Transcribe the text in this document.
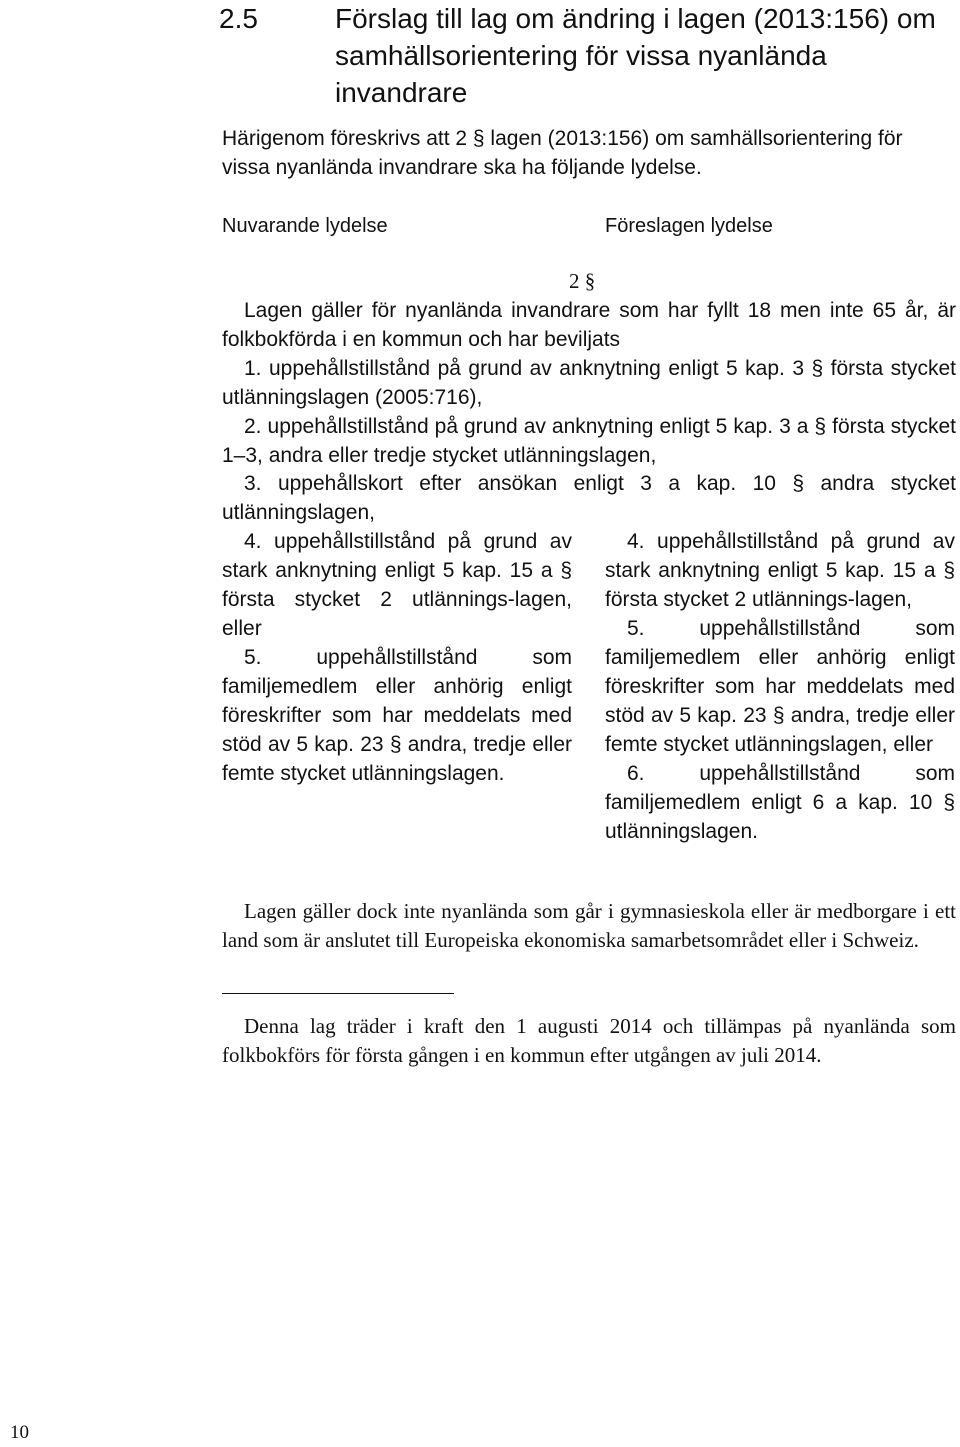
2.5	Förslag till lag om ändring i lagen (2013:156) om samhällsorientering för vissa nyanlända invandrare
Härigenom föreskrivs att 2 § lagen (2013:156) om samhällsorientering för vissa nyanlända invandrare ska ha följande lydelse.
Nuvarande lydelse	Föreslagen lydelse
2 §
Lagen gäller för nyanlända invandrare som har fyllt 18 men inte 65 år, är folkbokförda i en kommun och har beviljats
1. uppehållstillstånd på grund av anknytning enligt 5 kap. 3 § första stycket utlänningslagen (2005:716),
2. uppehållstillstånd på grund av anknytning enligt 5 kap. 3 a § första stycket 1–3, andra eller tredje stycket utlänningslagen,
3. uppehållskort efter ansökan enligt 3 a kap. 10 § andra stycket utlänningslagen,
4. uppehållstillstånd på grund av stark anknytning enligt 5 kap. 15 a § första stycket 2 utlännings-lagen, eller
5. uppehållstillstånd som familjemedlem eller anhörig enligt föreskrifter som har meddelats med stöd av 5 kap. 23 § andra, tredje eller femte stycket utlänningslagen.
4. uppehållstillstånd på grund av stark anknytning enligt 5 kap. 15 a § första stycket 2 utlännings-lagen,
5. uppehållstillstånd som familjemedlem eller anhörig enligt föreskrifter som har meddelats med stöd av 5 kap. 23 § andra, tredje eller femte stycket utlänningslagen, eller
6. uppehållstillstånd som familjemedlem enligt 6 a kap. 10 § utlänningslagen.
Lagen gäller dock inte nyanlända som går i gymnasieskola eller är medborgare i ett land som är anslutet till Europeiska ekonomiska samarbetsområdet eller i Schweiz.
Denna lag träder i kraft den 1 augusti 2014 och tillämpas på nyanlända som folkbokförs för första gången i en kommun efter utgången av juli 2014.
10
